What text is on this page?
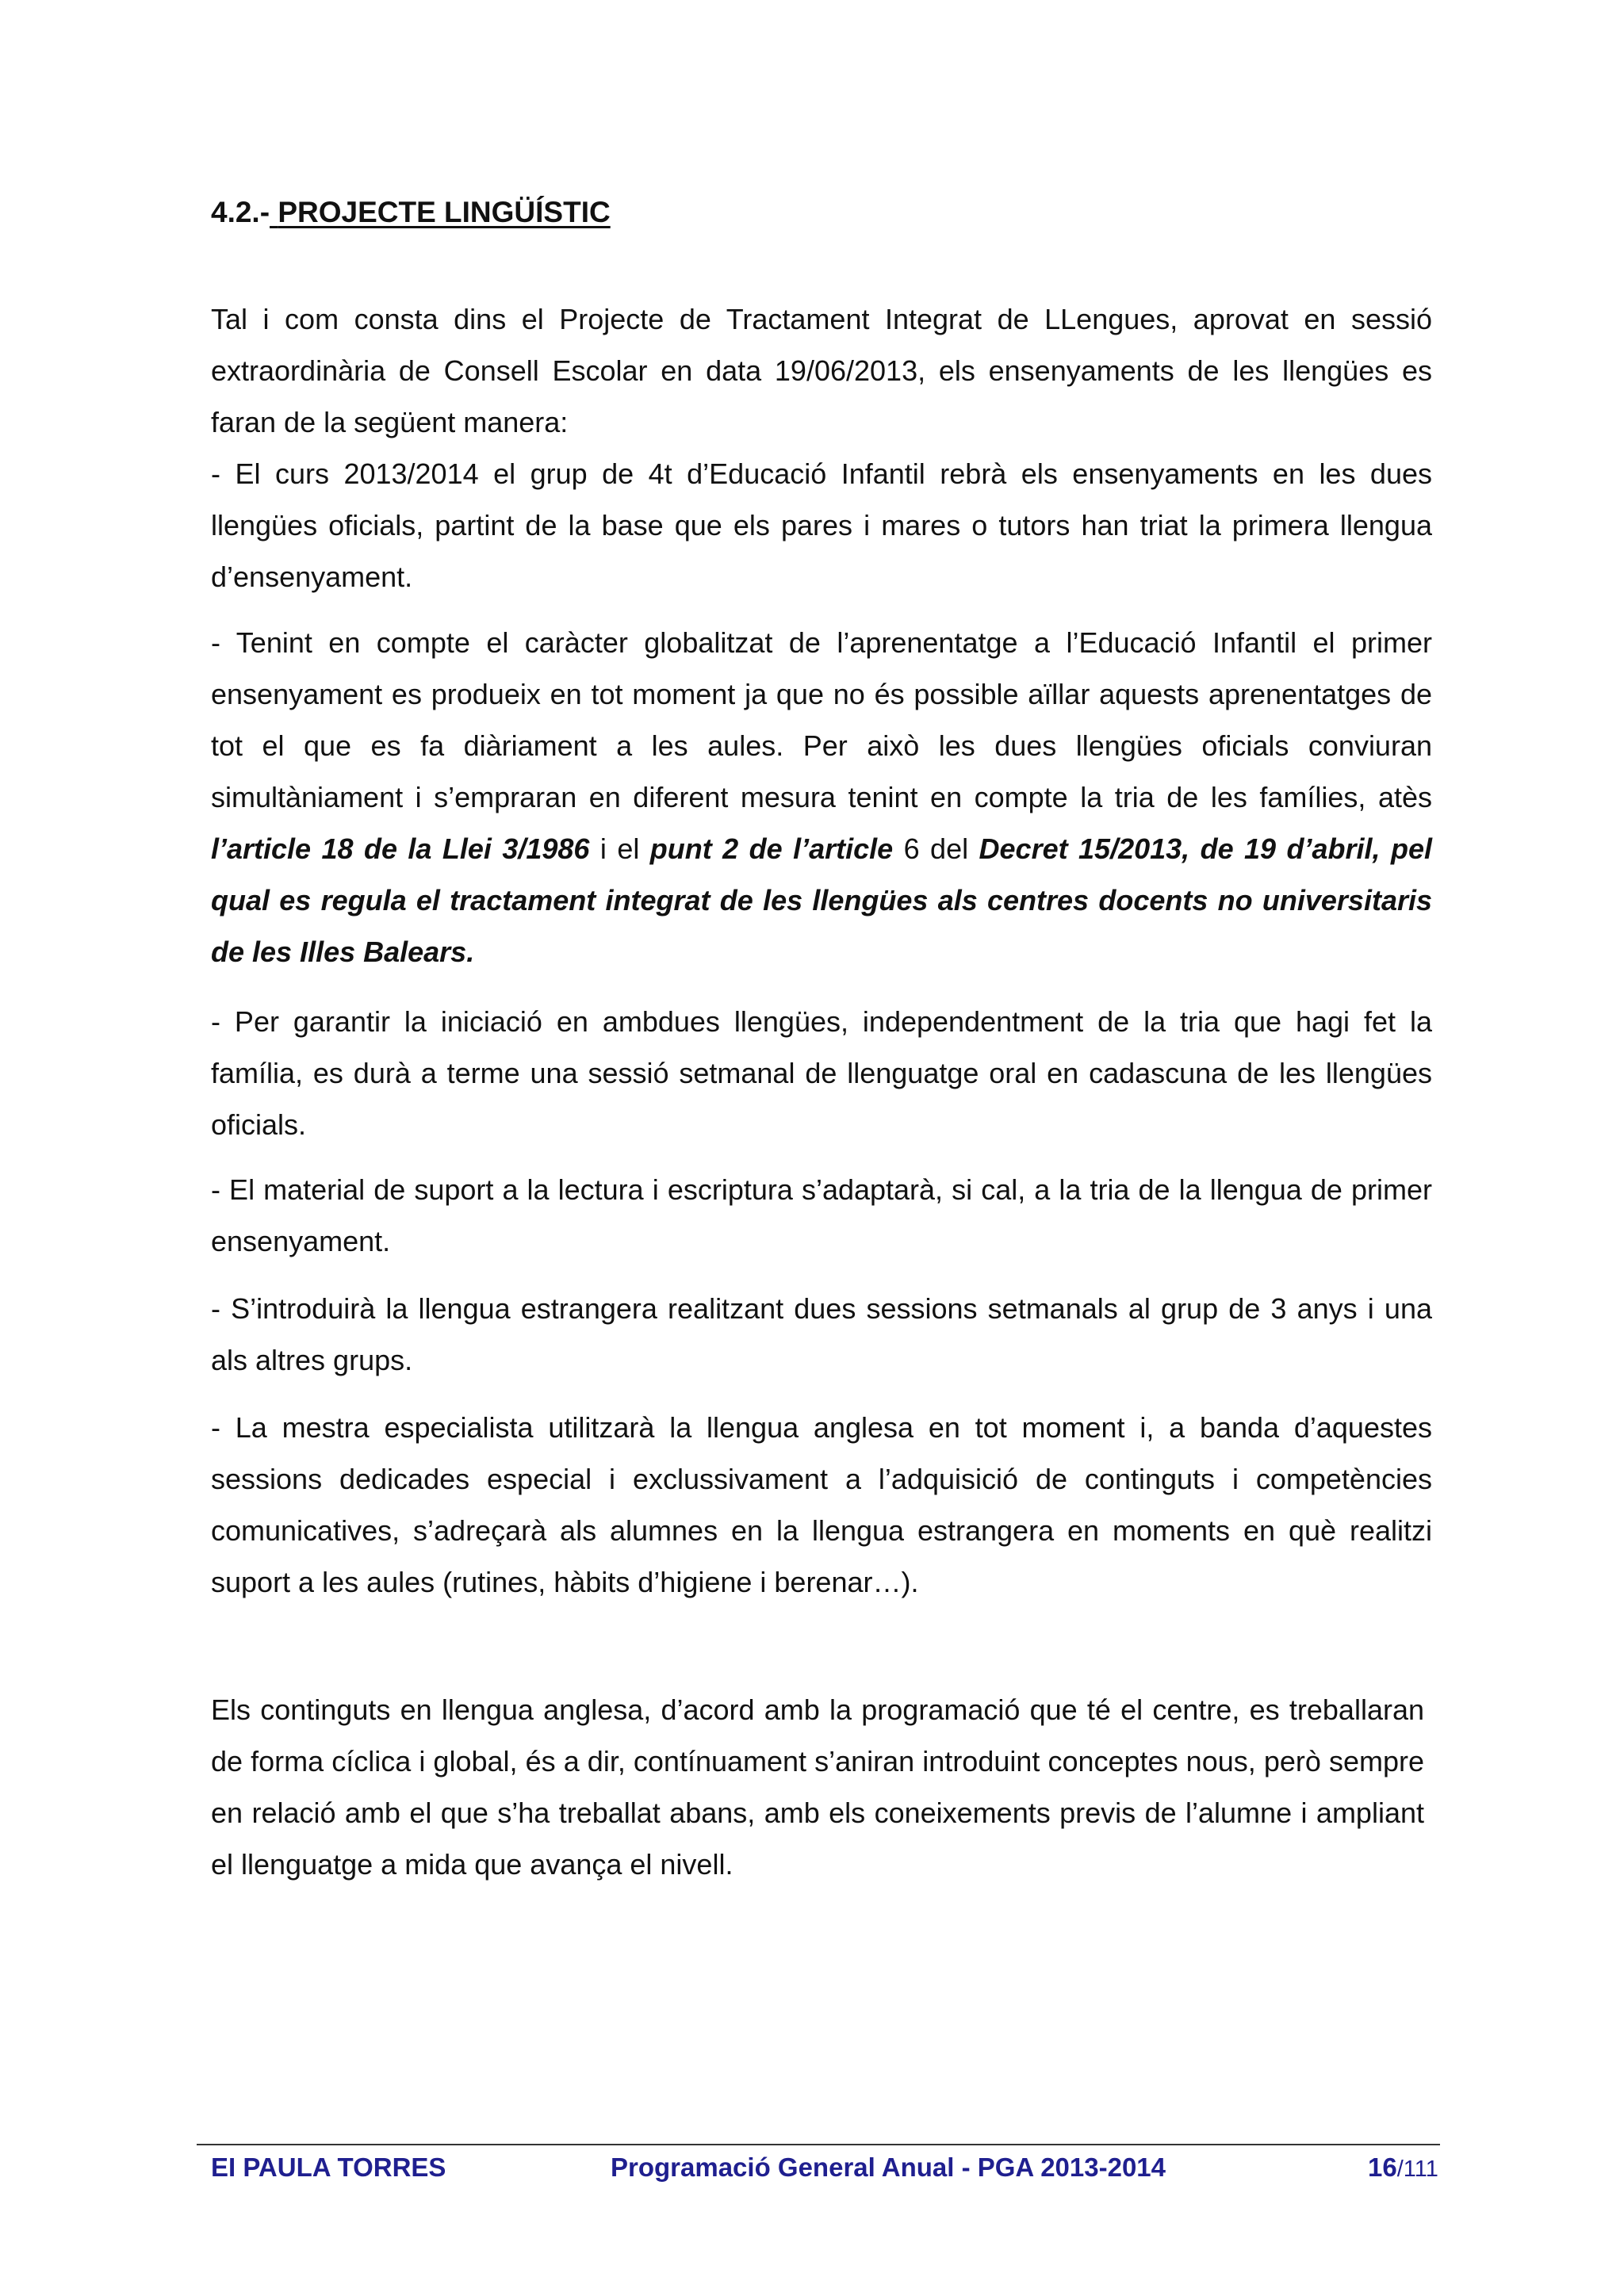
4.2.- PROJECTE LINGÜÍSTIC

Tal i com consta dins el Projecte de Tractament Integrat de LLengues, aprovat en sessió extraordinària de Consell Escolar en data 19/06/2013, els ensenyaments de les llengües es faran de la següent manera:

- El curs 2013/2014 el grup de 4t d’Educació Infantil rebrà els ensenyaments en les dues llengües oficials, partint de la base que els pares i mares o tutors han triat la primera llengua d’ensenyament.

- Tenint en compte el caràcter globalitzat de l’aprenentatge a l’Educació Infantil el primer ensenyament es produeix en tot moment ja que no és possible aïllar aquests aprenentatges de tot el que es fa diàriament a les aules. Per això les dues llengües oficials conviuran simultàniament i s’empraran en diferent mesura tenint en compte la tria de les famílies, atès l’article 18 de la Llei 3/1986 i el punt 2 de l’article 6 del Decret 15/2013, de 19 d’abril, pel qual es regula el tractament integrat de les llengües als centres docents no universitaris de les Illes Balears.

- Per garantir la iniciació en ambdues llengües, independentment de la tria que hagi fet la família, es durà a terme una sessió setmanal de llenguatge oral en cadascuna de les llengües oficials.

- El material de suport a la lectura i escriptura s’adaptarà, si cal, a la tria de la llengua de primer ensenyament.

- S’introduirà la llengua estrangera realitzant dues sessions setmanals al grup de 3 anys i una als altres grups.

- La mestra especialista utilitzarà la llengua anglesa en tot moment i, a banda d’aquestes sessions dedicades especial i exclussivament a l’adquisició de continguts i competències comunicatives, s’adreçarà als alumnes en la llengua estrangera en moments en què realitzi suport a les aules (rutines, hàbits d’higiene i berenar…).

Els continguts en llengua anglesa, d’acord amb la programació que té el centre, es treballaran de forma cíclica i global, és a dir, contínuament s’aniran introduint conceptes nous, però sempre en relació amb el que s’ha treballat abans, amb els coneixements previs de l’alumne i ampliant el llenguatge a mida que avança el nivell.

EI PAULA TORRES	Programació General Anual - PGA 2013-2014	16/111
